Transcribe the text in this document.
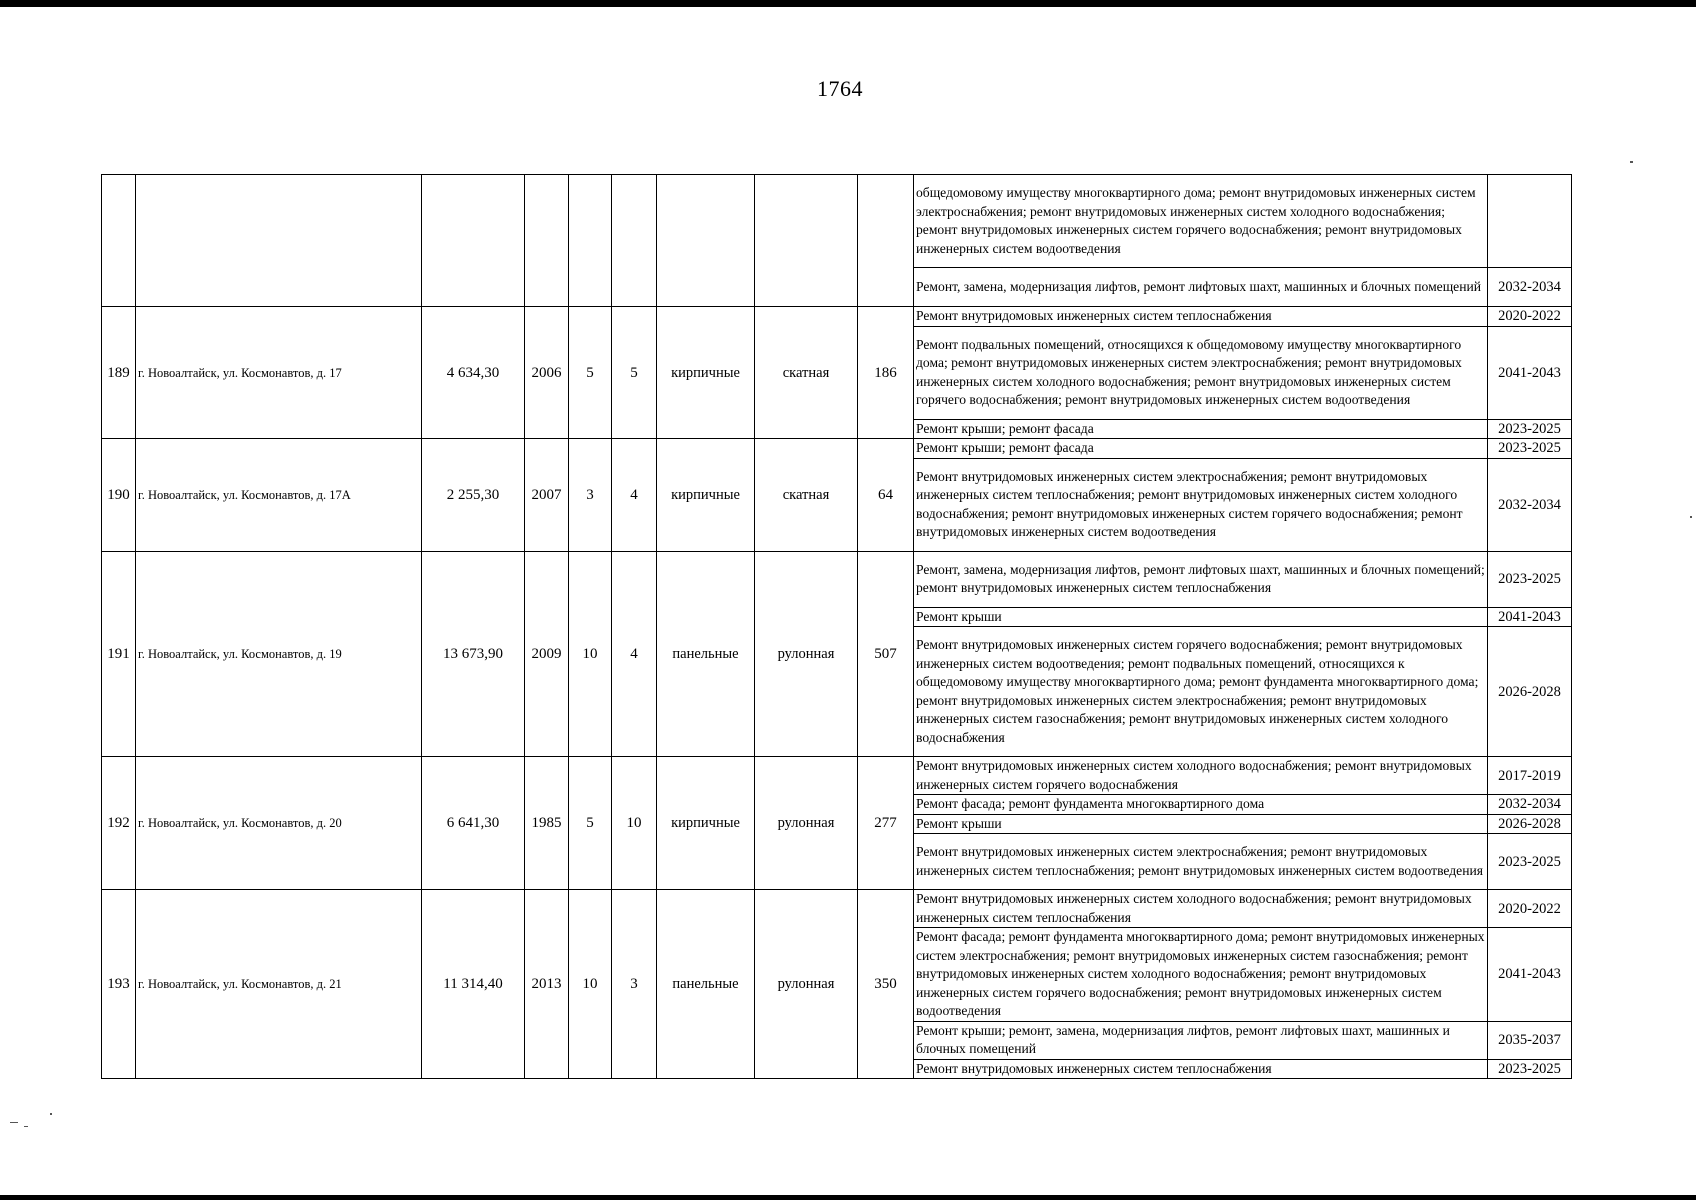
1764
									общедомовому имуществу многоквартирного дома; ремонт внутридомовых инженерных систем электроснабжения; ремонт внутридомовых инженерных систем холодного водоснабжения; ремонт внутридомовых инженерных систем горячего водоснабжения; ремонт внутридомовых инженерных систем водоотведения	
									Ремонт, замена, модернизация лифтов, ремонт лифтовых шахт, машинных и блочных помещений	2032-2034
189	г. Новоалтайск, ул. Космонавтов, д. 17	4 634,30	2006	5	5	кирпичные	скатная	186	Ремонт внутридомовых инженерных систем теплоснабжения	2020-2022
									Ремонт подвальных помещений, относящихся к общедомовому имуществу многоквартирного дома; ремонт внутридомовых инженерных систем электроснабжения; ремонт внутридомовых инженерных систем холодного водоснабжения; ремонт внутридомовых инженерных систем горячего водоснабжения; ремонт внутридомовых инженерных систем водоотведения	2041-2043
									Ремонт крыши; ремонт фасада	2023-2025
190	г. Новоалтайск, ул. Космонавтов, д. 17А	2 255,30	2007	3	4	кирпичные	скатная	64	Ремонт крыши; ремонт фасада	2023-2025
									Ремонт внутридомовых инженерных систем электроснабжения; ремонт внутридомовых инженерных систем теплоснабжения; ремонт внутридомовых инженерных систем холодного водоснабжения; ремонт внутридомовых инженерных систем горячего водоснабжения; ремонт внутридомовых инженерных систем водоотведения	2032-2034
191	г. Новоалтайск, ул. Космонавтов, д. 19	13 673,90	2009	10	4	панельные	рулонная	507	Ремонт, замена, модернизация лифтов, ремонт лифтовых шахт, машинных и блочных помещений; ремонт внутридомовых инженерных систем теплоснабжения	2023-2025
									Ремонт крыши	2041-2043
									Ремонт внутридомовых инженерных систем горячего водоснабжения; ремонт внутридомовых инженерных систем водоотведения; ремонт подвальных помещений, относящихся к общедомовому имуществу многоквартирного дома; ремонт фундамента многоквартирного дома; ремонт внутридомовых инженерных систем электроснабжения; ремонт внутридомовых инженерных систем газоснабжения; ремонт внутридомовых инженерных систем холодного водоснабжения	2026-2028
192	г. Новоалтайск, ул. Космонавтов, д. 20	6 641,30	1985	5	10	кирпичные	рулонная	277	Ремонт внутридомовых инженерных систем холодного водоснабжения; ремонт внутридомовых инженерных систем горячего водоснабжения	2017-2019
									Ремонт фасада; ремонт фундамента многоквартирного дома	2032-2034
									Ремонт крыши	2026-2028
									Ремонт внутридомовых инженерных систем электроснабжения; ремонт внутридомовых инженерных систем теплоснабжения; ремонт внутридомовых инженерных систем водоотведения	2023-2025
193	г. Новоалтайск, ул. Космонавтов, д. 21	11 314,40	2013	10	3	панельные	рулонная	350	Ремонт внутридомовых инженерных систем холодного водоснабжения; ремонт внутридомовых инженерных систем теплоснабжения	2020-2022
									Ремонт фасада; ремонт фундамента многоквартирного дома; ремонт внутридомовых инженерных систем электроснабжения; ремонт внутридомовых инженерных систем газоснабжения; ремонт внутридомовых инженерных систем холодного водоснабжения; ремонт внутридомовых инженерных систем горячего водоснабжения; ремонт внутридомовых инженерных систем водоотведения	2041-2043
									Ремонт крыши; ремонт, замена, модернизация лифтов, ремонт лифтовых шахт, машинных и блочных помещений	2035-2037
									Ремонт внутридомовых инженерных систем теплоснабжения	2023-2025
